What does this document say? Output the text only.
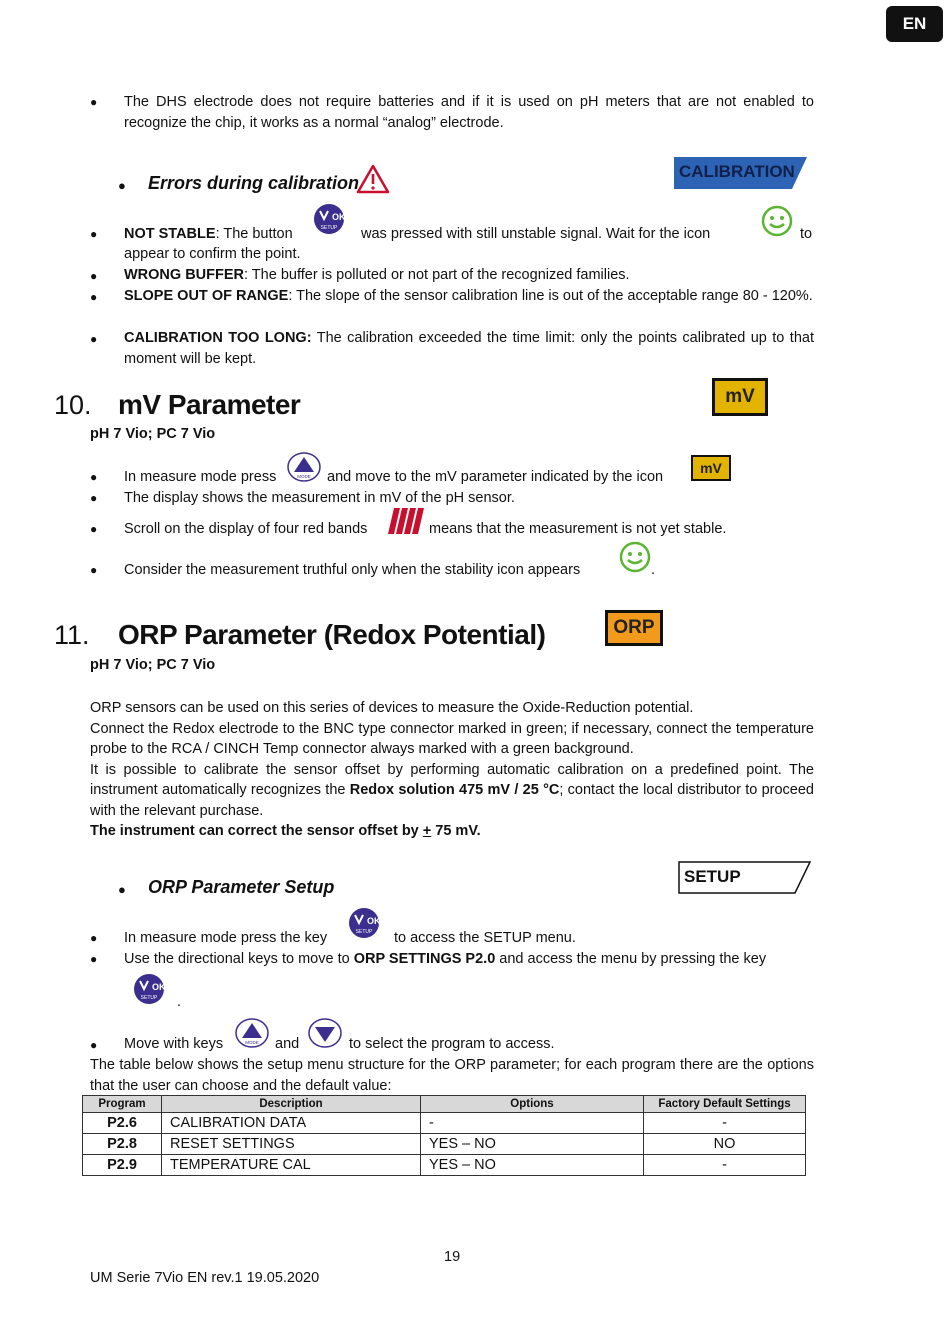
EN
● The DHS electrode does not require batteries and if it is used on pH meters that are not enabled to recognize the chip, it works as a normal “analog” electrode.
● Errors during calibration
CALIBRATION
● NOT STABLE: The button
OK
SETUP was pressed with still unstable signal. Wait for the icon	to
appear to confirm the point.
● WRONG BUFFER: The buffer is polluted or not part of the recognized families.
● SLOPE OUT OF RANGE: The slope of the sensor calibration line is out of the acceptable range 80 - 120%.
● CALIBRATION TOO LONG: The calibration exceeded the time limit: only the points calibrated up to that moment will be kept.
10. mV Parameter	mV
pH 7 Vio; PC 7 Vio
● In measure mode press	MODE and move to the mV parameter indicated by the icon
mV
● The display shows the measurement in mV of the pH sensor.
● Scroll on the display of four red bands	means that the measurement is not yet stable.
● Consider the measurement truthful only when the stability icon appears	.
11. ORP Parameter (Redox Potential)	ORP
pH 7 Vio; PC 7 Vio
ORP sensors can be used on this series of devices to measure the Oxide-Reduction potential.
Connect the Redox electrode to the BNC type connector marked in green; if necessary, connect the temperature probe to the RCA / CINCH Temp connector always marked with a green background.
It is possible to calibrate the sensor offset by performing automatic calibration on a predefined point. The instrument automatically recognizes the Redox solution 475 mV / 25 °C; contact the local distributor to proceed with the relevant purchase.
The instrument can correct the sensor offset by + 75 mV.
● ORP Parameter Setup
SETUP
● In measure mode press the key
OK
SETUP to access the SETUP menu.
● Use the directional keys to move to ORP SETTINGS P2.0 and access the menu by pressing the key
OK
SETUP .
● Move with keys	MODE and	to select the program to access.
The table below shows the setup menu structure for the ORP parameter; for each program there are the options that the user can choose and the default value:
Program	Description	Options	Factory Default Settings
P2.6	CALIBRATION DATA	-	-
P2.8	RESET SETTINGS	YES – NO	NO
P2.9	TEMPERATURE CAL	YES – NO	-
19
UM Serie 7Vio EN rev.1 19.05.2020
